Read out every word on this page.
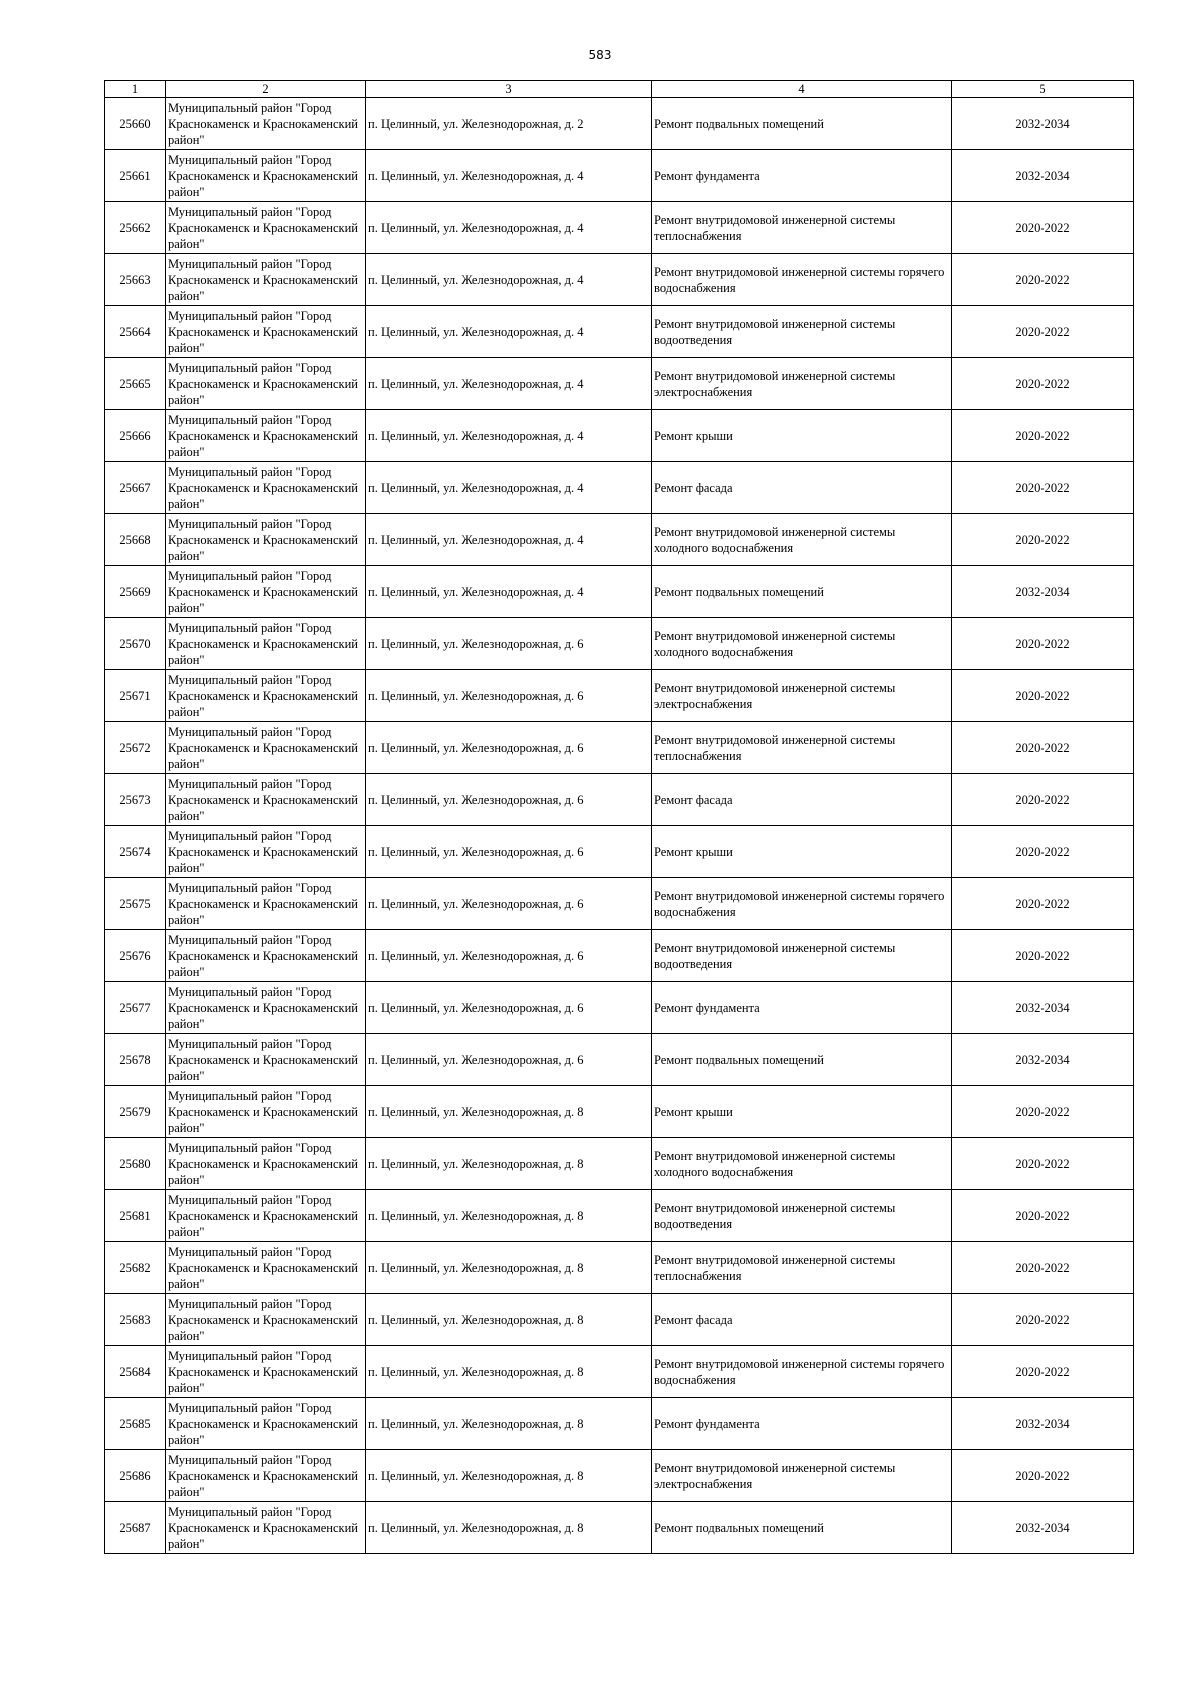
583
1	2	3	4	5
25660	Муниципальный район "Город Краснокаменск и Краснокаменский район"	п. Целинный, ул. Железнодорожная, д. 2	Ремонт подвальных помещений	2032-2034
25661	Муниципальный район "Город Краснокаменск и Краснокаменский район"	п. Целинный, ул. Железнодорожная, д. 4	Ремонт фундамента	2032-2034
25662	Муниципальный район "Город Краснокаменск и Краснокаменский район"	п. Целинный, ул. Железнодорожная, д. 4	Ремонт внутридомовой инженерной системы теплоснабжения	2020-2022
25663	Муниципальный район "Город Краснокаменск и Краснокаменский район"	п. Целинный, ул. Железнодорожная, д. 4	Ремонт внутридомовой инженерной системы горячего водоснабжения	2020-2022
25664	Муниципальный район "Город Краснокаменск и Краснокаменский район"	п. Целинный, ул. Железнодорожная, д. 4	Ремонт внутридомовой инженерной системы водоотведения	2020-2022
25665	Муниципальный район "Город Краснокаменск и Краснокаменский район"	п. Целинный, ул. Железнодорожная, д. 4	Ремонт внутридомовой инженерной системы электроснабжения	2020-2022
25666	Муниципальный район "Город Краснокаменск и Краснокаменский район"	п. Целинный, ул. Железнодорожная, д. 4	Ремонт крыши	2020-2022
25667	Муниципальный район "Город Краснокаменск и Краснокаменский район"	п. Целинный, ул. Железнодорожная, д. 4	Ремонт фасада	2020-2022
25668	Муниципальный район "Город Краснокаменск и Краснокаменский район"	п. Целинный, ул. Железнодорожная, д. 4	Ремонт внутридомовой инженерной системы холодного водоснабжения	2020-2022
25669	Муниципальный район "Город Краснокаменск и Краснокаменский район"	п. Целинный, ул. Железнодорожная, д. 4	Ремонт подвальных помещений	2032-2034
25670	Муниципальный район "Город Краснокаменск и Краснокаменский район"	п. Целинный, ул. Железнодорожная, д. 6	Ремонт внутридомовой инженерной системы холодного водоснабжения	2020-2022
25671	Муниципальный район "Город Краснокаменск и Краснокаменский район"	п. Целинный, ул. Железнодорожная, д. 6	Ремонт внутридомовой инженерной системы электроснабжения	2020-2022
25672	Муниципальный район "Город Краснокаменск и Краснокаменский район"	п. Целинный, ул. Железнодорожная, д. 6	Ремонт внутридомовой инженерной системы теплоснабжения	2020-2022
25673	Муниципальный район "Город Краснокаменск и Краснокаменский район"	п. Целинный, ул. Железнодорожная, д. 6	Ремонт фасада	2020-2022
25674	Муниципальный район "Город Краснокаменск и Краснокаменский район"	п. Целинный, ул. Железнодорожная, д. 6	Ремонт крыши	2020-2022
25675	Муниципальный район "Город Краснокаменск и Краснокаменский район"	п. Целинный, ул. Железнодорожная, д. 6	Ремонт внутридомовой инженерной системы горячего водоснабжения	2020-2022
25676	Муниципальный район "Город Краснокаменск и Краснокаменский район"	п. Целинный, ул. Железнодорожная, д. 6	Ремонт внутридомовой инженерной системы водоотведения	2020-2022
25677	Муниципальный район "Город Краснокаменск и Краснокаменский район"	п. Целинный, ул. Железнодорожная, д. 6	Ремонт фундамента	2032-2034
25678	Муниципальный район "Город Краснокаменск и Краснокаменский район"	п. Целинный, ул. Железнодорожная, д. 6	Ремонт подвальных помещений	2032-2034
25679	Муниципальный район "Город Краснокаменск и Краснокаменский район"	п. Целинный, ул. Железнодорожная, д. 8	Ремонт крыши	2020-2022
25680	Муниципальный район "Город Краснокаменск и Краснокаменский район"	п. Целинный, ул. Железнодорожная, д. 8	Ремонт внутридомовой инженерной системы холодного водоснабжения	2020-2022
25681	Муниципальный район "Город Краснокаменск и Краснокаменский район"	п. Целинный, ул. Железнодорожная, д. 8	Ремонт внутридомовой инженерной системы водоотведения	2020-2022
25682	Муниципальный район "Город Краснокаменск и Краснокаменский район"	п. Целинный, ул. Железнодорожная, д. 8	Ремонт внутридомовой инженерной системы теплоснабжения	2020-2022
25683	Муниципальный район "Город Краснокаменск и Краснокаменский район"	п. Целинный, ул. Железнодорожная, д. 8	Ремонт фасада	2020-2022
25684	Муниципальный район "Город Краснокаменск и Краснокаменский район"	п. Целинный, ул. Железнодорожная, д. 8	Ремонт внутридомовой инженерной системы горячего водоснабжения	2020-2022
25685	Муниципальный район "Город Краснокаменск и Краснокаменский район"	п. Целинный, ул. Железнодорожная, д. 8	Ремонт фундамента	2032-2034
25686	Муниципальный район "Город Краснокаменск и Краснокаменский район"	п. Целинный, ул. Железнодорожная, д. 8	Ремонт внутридомовой инженерной системы электроснабжения	2020-2022
25687	Муниципальный район "Город Краснокаменск и Краснокаменский район"	п. Целинный, ул. Железнодорожная, д. 8	Ремонт подвальных помещений	2032-2034
